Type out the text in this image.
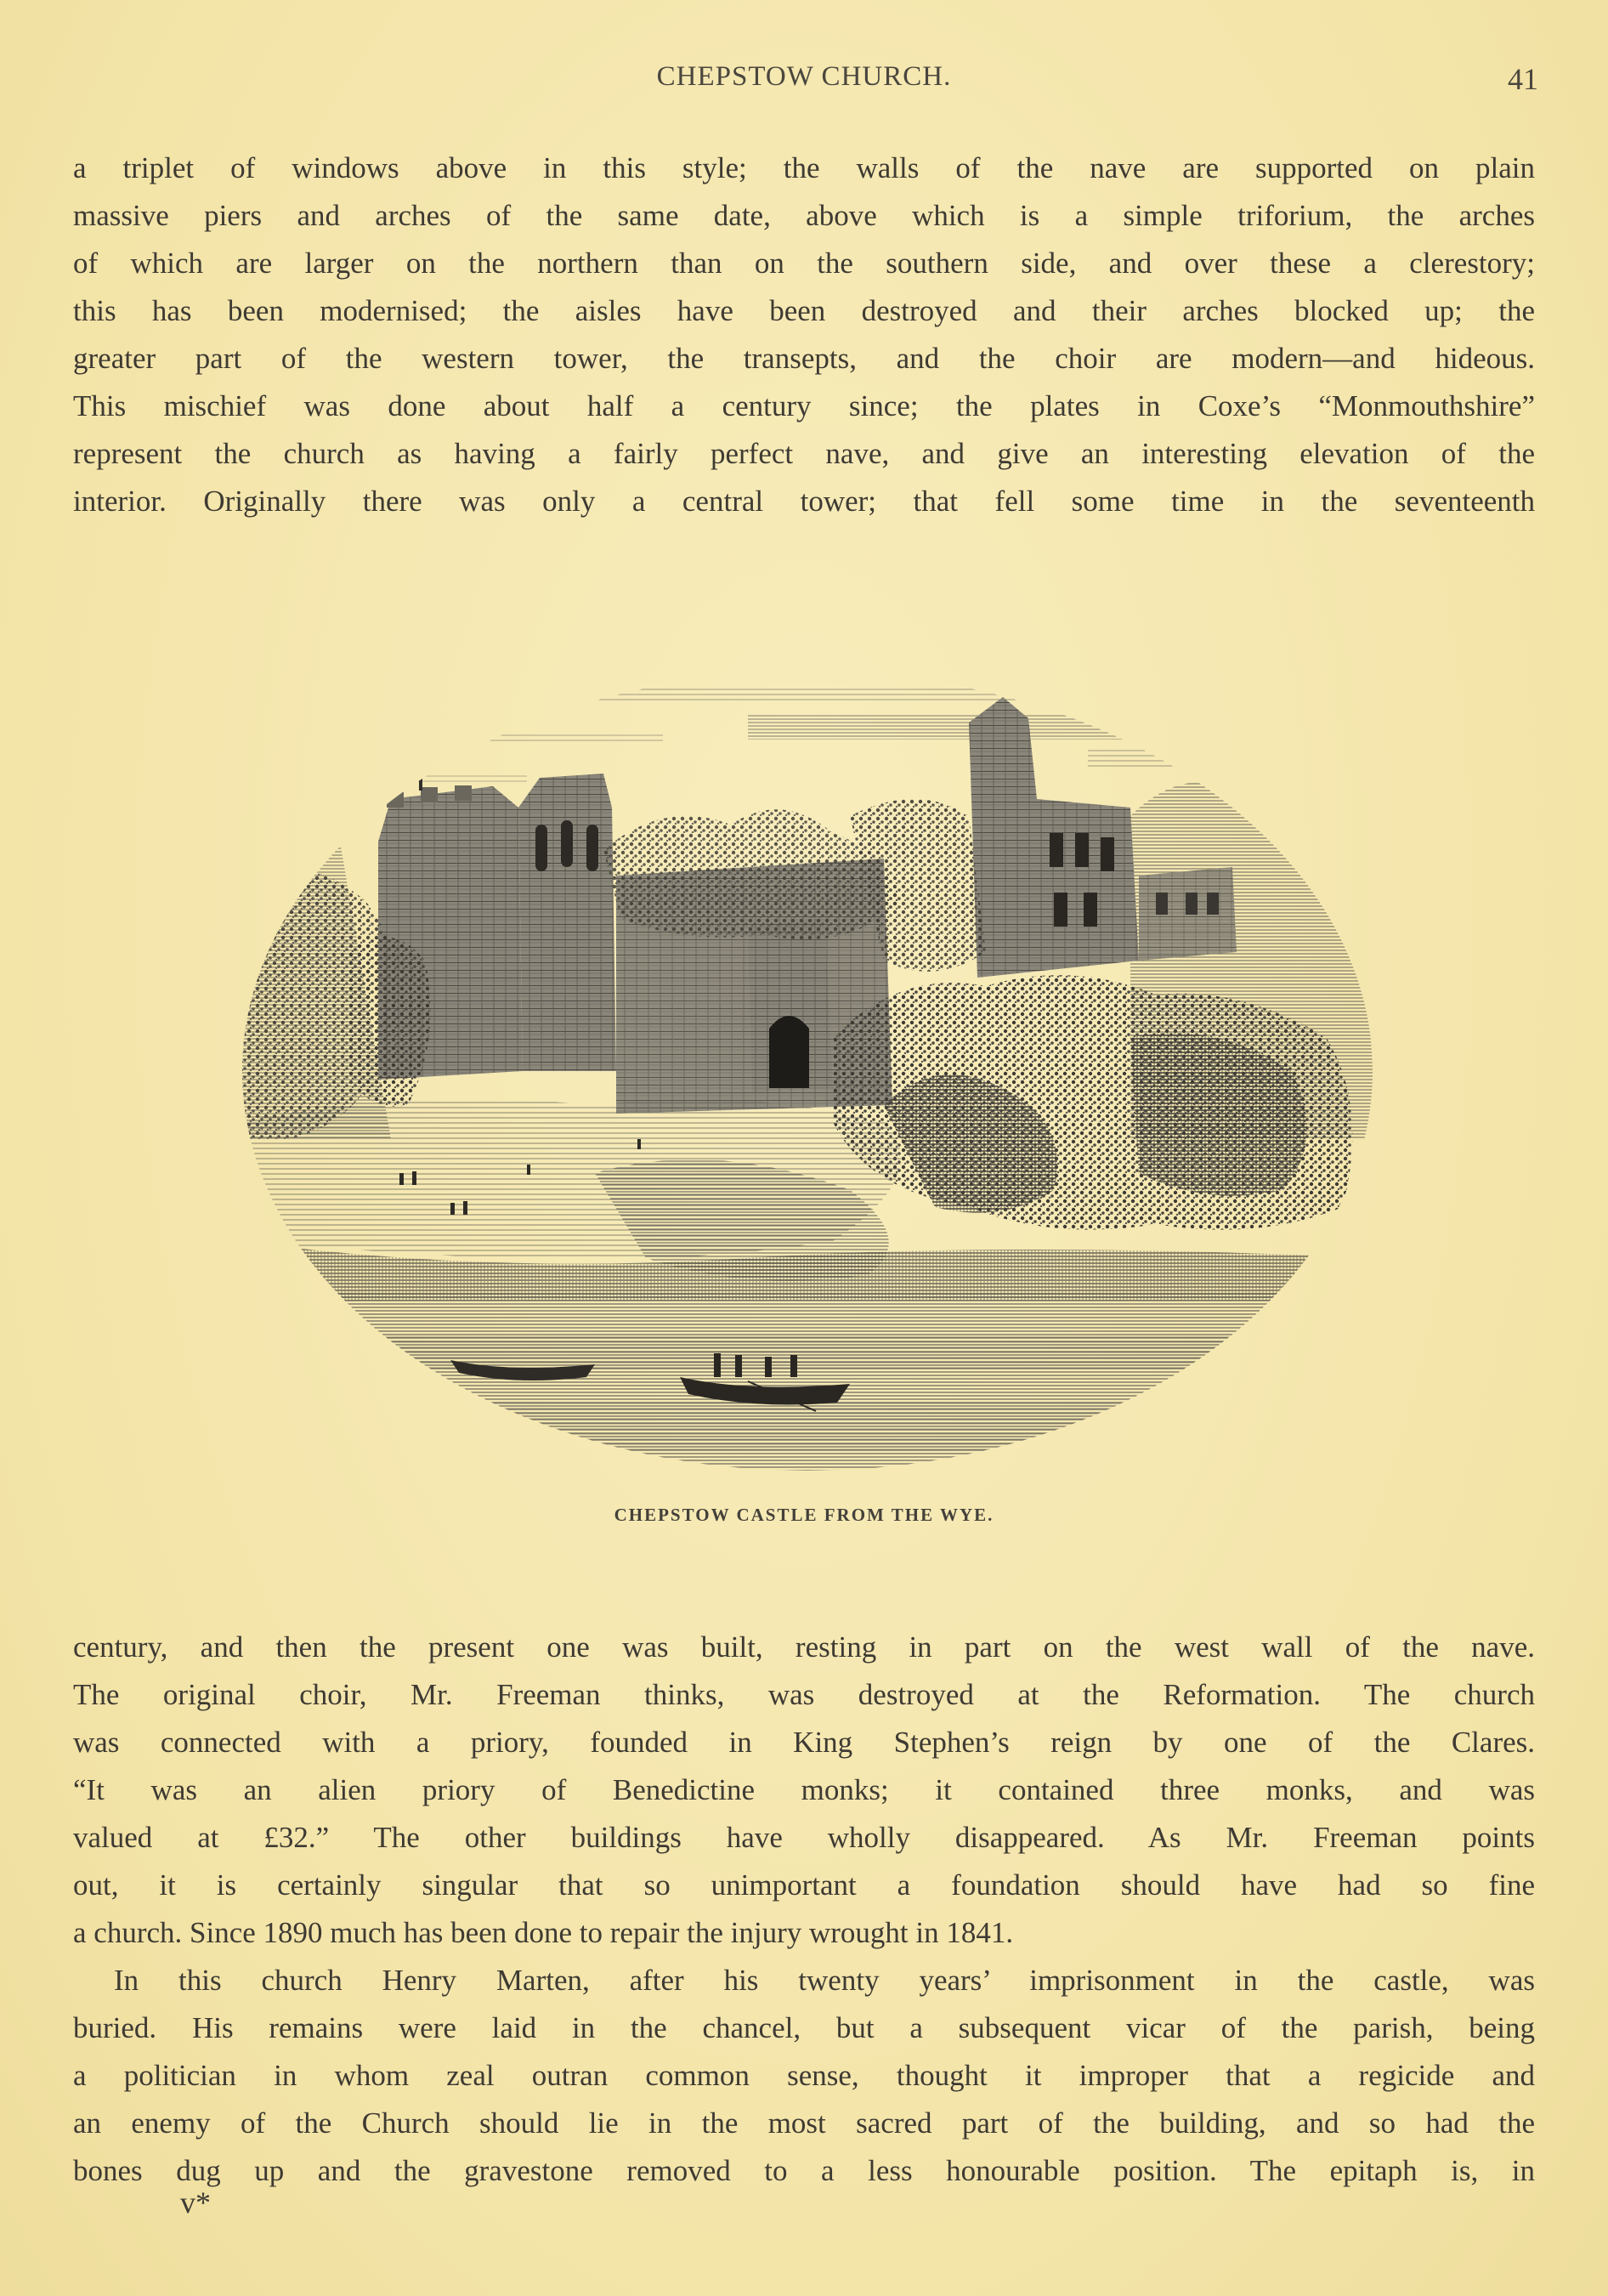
CHEPSTOW CHURCH.	41
a triplet of windows above in this style; the walls of the nave are supported on plain
massive piers and arches of the same date, above which is a simple triforium, the arches
of which are larger on the northern than on the southern side, and over these a clerestory;
this has been modernised; the aisles have been destroyed and their arches blocked up; the
greater part of the western tower, the transepts, and the choir are modern—and hideous.
This mischief was done about half a century since; the plates in Coxe’s “Monmouthshire”
represent the church as having a fairly perfect nave, and give an interesting elevation of the
interior. Originally there was only a central tower; that fell some time in the seventeenth
CHEPSTOW CASTLE FROM THE WYE.
century, and then the present one was built, resting in part on the west wall of the nave.
The original choir, Mr. Freeman thinks, was destroyed at the Reformation. The church
was connected with a priory, founded in King Stephen’s reign by one of the Clares.
“It was an alien priory of Benedictine monks; it contained three monks, and was
valued at £32.” The other buildings have wholly disappeared. As Mr. Freeman points
out, it is certainly singular that so unimportant a foundation should have had so fine
a church. Since 1890 much has been done to repair the injury wrought in 1841.
In this church Henry Marten, after his twenty years’ imprisonment in the castle, was
buried. His remains were laid in the chancel, but a subsequent vicar of the parish, being
a politician in whom zeal outran common sense, thought it improper that a regicide and
an enemy of the Church should lie in the most sacred part of the building, and so had the
bones dug up and the gravestone removed to a less honourable position. The epitaph is, in
v*
